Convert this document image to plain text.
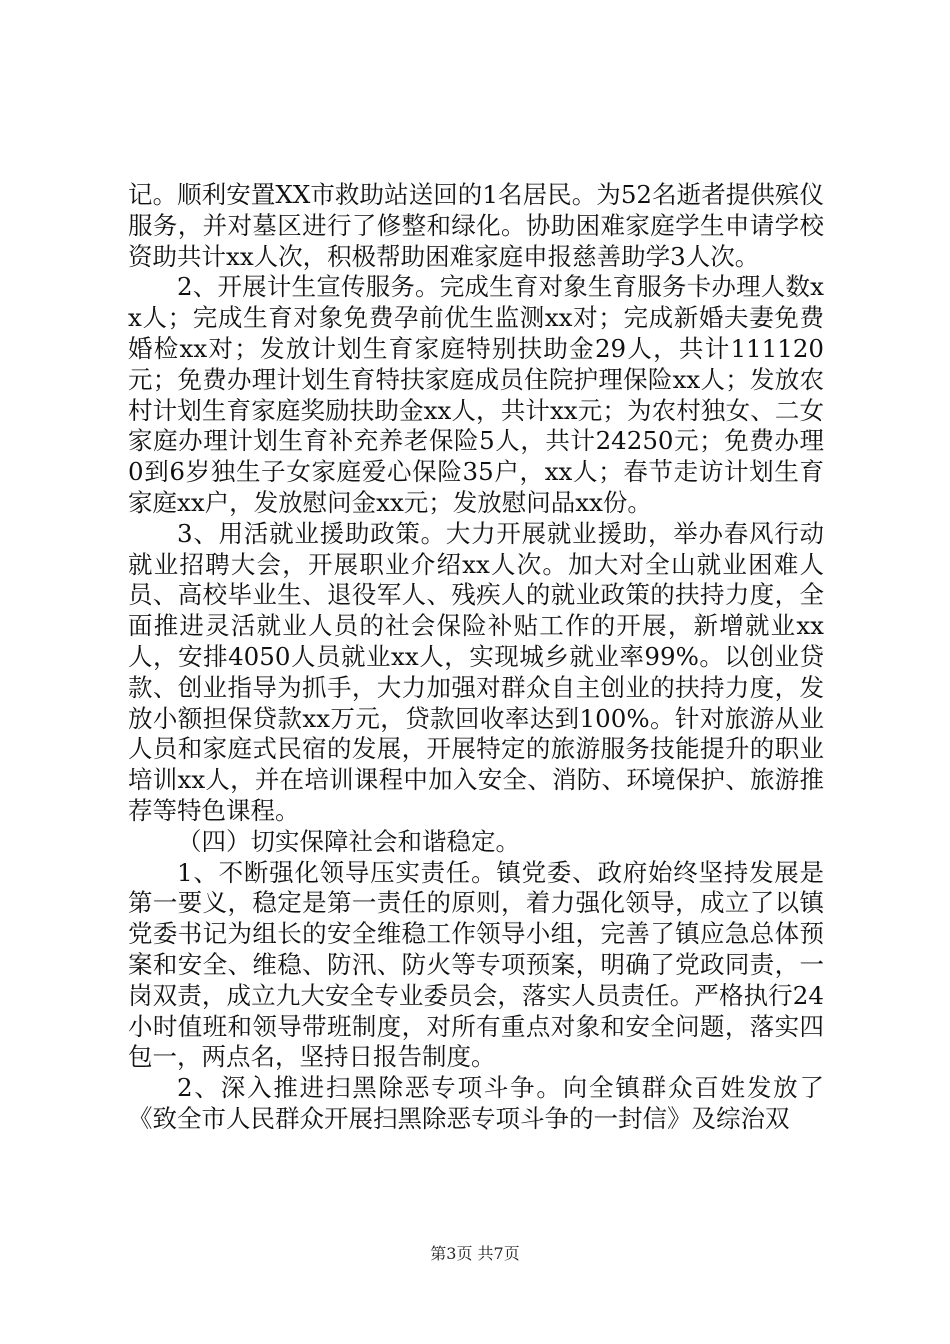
记。顺利安置XX市救助站送回的1名居民。为52名逝者提供殡仪服务，并对墓区进行了修整和绿化。协助困难家庭学生申请学校资助共计xx人次，积极帮助困难家庭申报慈善助学3人次。

2、开展计生宣传服务。完成生育对象生育服务卡办理人数xx人；完成生育对象免费孕前优生监测xx对；完成新婚夫妻免费婚检xx对；发放计划生育家庭特别扶助金29人，共计111120元；免费办理计划生育特扶家庭成员住院护理保险xx人；发放农村计划生育家庭奖励扶助金xx人，共计xx元；为农村独女、二女家庭办理计划生育补充养老保险5人，共计24250元；免费办理0到6岁独生子女家庭爱心保险35户，xx人；春节走访计划生育家庭xx户，发放慰问金xx元；发放慰问品xx份。

3、用活就业援助政策。大力开展就业援助，举办春风行动就业招聘大会，开展职业介绍xx人次。加大对全山就业困难人员、高校毕业生、退役军人、残疾人的就业政策的扶持力度，全面推进灵活就业人员的社会保险补贴工作的开展，新增就业xx人，安排4050人员就业xx人，实现城乡就业率99%。以创业贷款、创业指导为抓手，大力加强对群众自主创业的扶持力度，发放小额担保贷款xx万元，贷款回收率达到100%。针对旅游从业人员和家庭式民宿的发展，开展特定的旅游服务技能提升的职业培训xx人，并在培训课程中加入安全、消防、环境保护、旅游推荐等特色课程。

（四）切实保障社会和谐稳定。

1、不断强化领导压实责任。镇党委、政府始终坚持发展是第一要义，稳定是第一责任的原则，着力强化领导，成立了以镇党委书记为组长的安全维稳工作领导小组，完善了镇应急总体预案和安全、维稳、防汛、防火等专项预案，明确了党政同责，一岗双责，成立九大安全专业委员会，落实人员责任。严格执行24小时值班和领导带班制度，对所有重点对象和安全问题，落实四包一，两点名，坚持日报告制度。

2、深入推进扫黑除恶专项斗争。向全镇群众百姓发放了《致全市人民群众开展扫黑除恶专项斗争的一封信》及综治双

第3页 共7页
